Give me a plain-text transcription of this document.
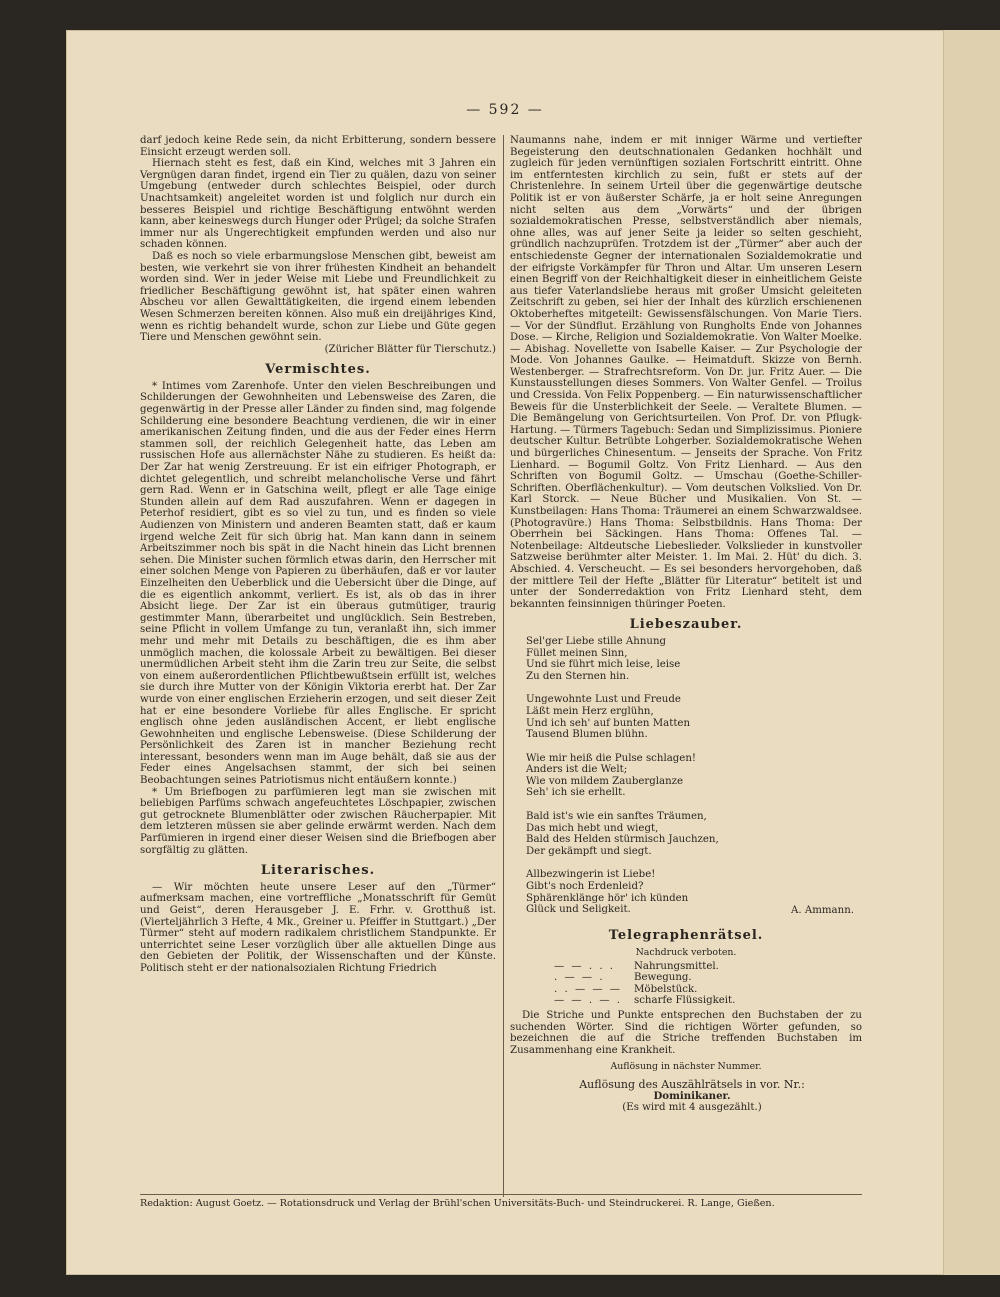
— 592 —

darf jedoch keine Rede sein, da nicht Erbitterung, sondern bessere Einsicht erzeugt werden soll.

Hiernach steht es fest, daß ein Kind, welches mit 3 Jahren ein Vergnügen daran findet, irgend ein Tier zu quälen, dazu von seiner Umgebung (entweder durch schlechtes Beispiel, oder durch Unachtsamkeit) angeleitet worden ist und folglich nur durch ein besseres Beispiel und richtige Beschäftigung entwöhnt werden kann, aber keineswegs durch Hunger oder Prügel; da solche Strafen immer nur als Ungerechtigkeit empfunden werden und also nur schaden können.

Daß es noch so viele erbarmungslose Menschen gibt, beweist am besten, wie verkehrt sie von ihrer frühesten Kindheit an behandelt worden sind. Wer in jeder Weise mit Liebe und Freundlichkeit zu friedlicher Beschäftigung gewöhnt ist, hat später einen wahren Abscheu vor allen Gewalttätigkeiten, die irgend einem lebenden Wesen Schmerzen bereiten können. Also muß ein dreijähriges Kind, wenn es richtig behandelt wurde, schon zur Liebe und Güte gegen Tiere und Menschen gewöhnt sein.

(Züricher Blätter für Tierschutz.)
Vermischtes.

* Intimes vom Zarenhofe. Unter den vielen Beschreibungen und Schilderungen der Gewohnheiten und Lebensweise des Zaren, die gegenwärtig in der Presse aller Länder zu finden sind, mag folgende Schilderung eine besondere Beachtung verdienen, die wir in einer amerikanischen Zeitung finden, und die aus der Feder eines Herrn stammen soll, der reichlich Gelegenheit hatte, das Leben am russischen Hofe aus allernächster Nähe zu studieren. Es heißt da: Der Zar hat wenig Zerstreuung. Er ist ein eifriger Photograph, er dichtet gelegentlich, und schreibt melancholische Verse und fährt gern Rad. Wenn er in Gatschina weilt, pflegt er alle Tage einige Stunden allein auf dem Rad auszufahren. Wenn er dagegen in Peterhof residiert, gibt es so viel zu tun, und es finden so viele Audienzen von Ministern und anderen Beamten statt, daß er kaum irgend welche Zeit für sich übrig hat. Man kann dann in seinem Arbeitszimmer noch bis spät in die Nacht hinein das Licht brennen sehen. Die Minister suchen förmlich etwas darin, den Herrscher mit einer solchen Menge von Papieren zu überhäufen, daß er vor lauter Einzelheiten den Ueberblick und die Uebersicht über die Dinge, auf die es eigentlich ankommt, verliert. Es ist, als ob das in ihrer Absicht liege. Der Zar ist ein überaus gutmütiger, traurig gestimmter Mann, überarbeitet und unglücklich. Sein Bestreben, seine Pflicht in vollem Umfange zu tun, veranlaßt ihn, sich immer mehr und mehr mit Details zu beschäftigen, die es ihm aber unmöglich machen, die kolossale Arbeit zu bewältigen. Bei dieser unermüdlichen Arbeit steht ihm die Zarin treu zur Seite, die selbst von einem außerordentlichen Pflichtbewußtsein erfüllt ist, welches sie durch ihre Mutter von der Königin Viktoria ererbt hat. Der Zar wurde von einer englischen Erzieherin erzogen, und seit dieser Zeit hat er eine besondere Vorliebe für alles Englische. Er spricht englisch ohne jeden ausländischen Accent, er liebt englische Gewohnheiten und englische Lebensweise. (Diese Schilderung der Persönlichkeit des Zaren ist in mancher Beziehung recht interessant, besonders wenn man im Auge behält, daß sie aus der Feder eines Angelsachsen stammt, der sich bei seinen Beobachtungen seines Patriotismus nicht entäußern konnte.)

* Um Briefbogen zu parfümieren legt man sie zwischen mit beliebigen Parfüms schwach angefeuchtetes Löschpapier, zwischen gut getrocknete Blumenblätter oder zwischen Räucherpapier. Mit dem letzteren müssen sie aber gelinde erwärmt werden. Nach dem Parfümieren in irgend einer dieser Weisen sind die Briefbogen aber sorgfältig zu glätten.

Literarisches.

— Wir möchten heute unsere Leser auf den „Türmer“ aufmerksam machen, eine vortreffliche „Monatsschrift für Gemüt und Geist“, deren Herausgeber J. E. Frhr. v. Grotthuß ist. (Vierteljährlich 3 Hefte, 4 Mk., Greiner u. Pfeiffer in Stuttgart.) „Der Türmer“ steht auf modern radikalem christlichem Standpunkte. Er unterrichtet seine Leser vorzüglich über alle aktuellen Dinge aus den Gebieten der Politik, der Wissenschaften und der Künste. Politisch steht er der nationalsozialen Richtung Friedrich

Naumanns nahe, indem er mit inniger Wärme und vertiefter Begeisterung den deutschnationalen Gedanken hochhält und zugleich für jeden vernünftigen sozialen Fortschritt eintritt. Ohne im entferntesten kirchlich zu sein, fußt er stets auf der Christenlehre. In seinem Urteil über die gegenwärtige deutsche Politik ist er von äußerster Schärfe, ja er holt seine Anregungen nicht selten aus dem „Vorwärts“ und der übrigen sozialdemokratischen Presse, selbstverständlich aber niemals, ohne alles, was auf jener Seite ja leider so selten geschieht, gründlich nachzuprüfen. Trotzdem ist der „Türmer“ aber auch der entschiedenste Gegner der internationalen Sozialdemokratie und der eifrigste Vorkämpfer für Thron und Altar. Um unseren Lesern einen Begriff von der Reichhaltigkeit dieser in einheitlichem Geiste aus tiefer Vaterlandsliebe heraus mit großer Umsicht geleiteten Zeitschrift zu geben, sei hier der Inhalt des kürzlich erschienenen Oktoberheftes mitgeteilt: Gewissensfälschungen. Von Marie Tiers. — Vor der Sündflut. Erzählung von Rungholts Ende von Johannes Dose. — Kirche, Religion und Sozialdemokratie. Von Walter Moelke. — Abishag. Novellette von Isabelle Kaiser. — Zur Psychologie der Mode. Von Johannes Gaulke. — Heimatduft. Skizze von Bernh. Westenberger. — Strafrechtsreform. Von Dr. jur. Fritz Auer. — Die Kunstausstellungen dieses Sommers. Von Walter Genfel. — Troilus und Cressida. Von Felix Poppenberg. — Ein naturwissenschaftlicher Beweis für die Unsterblichkeit der Seele. — Veraltete Blumen. — Die Bemängelung von Gerichtsurteilen. Von Prof. Dr. von Pflugk-Hartung. — Türmers Tagebuch: Sedan und Simplizissimus. Pioniere deutscher Kultur. Betrübte Lohgerber. Sozialdemokratische Wehen und bürgerliches Chinesentum. — Jenseits der Sprache. Von Fritz Lienhard. — Bogumil Goltz. Von Fritz Lienhard. — Aus den Schriften von Bogumil Goltz. — Umschau (Goethe-Schiller-Schriften. Oberflächenkultur). — Vom deutschen Volkslied. Von Dr. Karl Storck. — Neue Bücher und Musikalien. Von St. — Kunstbeilagen: Hans Thoma: Träumerei an einem Schwarzwaldsee. (Photogravüre.) Hans Thoma: Selbstbildnis. Hans Thoma: Der Oberrhein bei Säckingen. Hans Thoma: Offenes Tal. — Notenbeilage: Altdeutsche Liebeslieder. Volkslieder in kunstvoller Satzweise berühmter alter Meister. 1. Im Mai. 2. Hüt' du dich. 3. Abschied. 4. Verscheucht. — Es sei besonders hervorgehoben, daß der mittlere Teil der Hefte „Blätter für Literatur“ betitelt ist und unter der Sonderredaktion von Fritz Lienhard steht, dem bekannten feinsinnigen thüringer Poeten.

Liebeszauber.
Sel'ger Liebe stille Ahnung
Füllet meinen Sinn,
Und sie führt mich leise, leise
Zu den Sternen hin.
Ungewohnte Lust und Freude
Läßt mein Herz erglühn,
Und ich seh' auf bunten Matten
Tausend Blumen blühn.
Wie mir heiß die Pulse schlagen!
Anders ist die Welt;
Wie von mildem Zauberglanze
Seh' ich sie erhellt.
Bald ist's wie ein sanftes Träumen,
Das mich hebt und wiegt,
Bald des Helden stürmisch Jauchzen,
Der gekämpft und siegt.
Allbezwingerin ist Liebe!
Gibt's noch Erdenleid?
Sphärenklänge hör' ich künden
Glück und Seligkeit.	A. Ammann.
Telegraphenrätsel.
Nachdruck verboten.
— — . . .	Nahrungsmittel.
. — — .	Bewegung.
. . — — —	Möbelstück.
— — . — .	scharfe Flüssigkeit.

Die Striche und Punkte entsprechen den Buchstaben der zu suchenden Wörter. Sind die richtigen Wörter gefunden, so bezeichnen die auf die Striche treffenden Buchstaben im Zusammenhang eine Krankheit.

Auflösung in nächster Nummer.

Auflösung des Auszählrätsels in vor. Nr.:

Dominikaner.

(Es wird mit 4 ausgezählt.)

Redaktion: August Goetz. — Rotationsdruck und Verlag der Brühl'schen Universitäts-Buch- und Steindruckerei. R. Lange, Gießen.
